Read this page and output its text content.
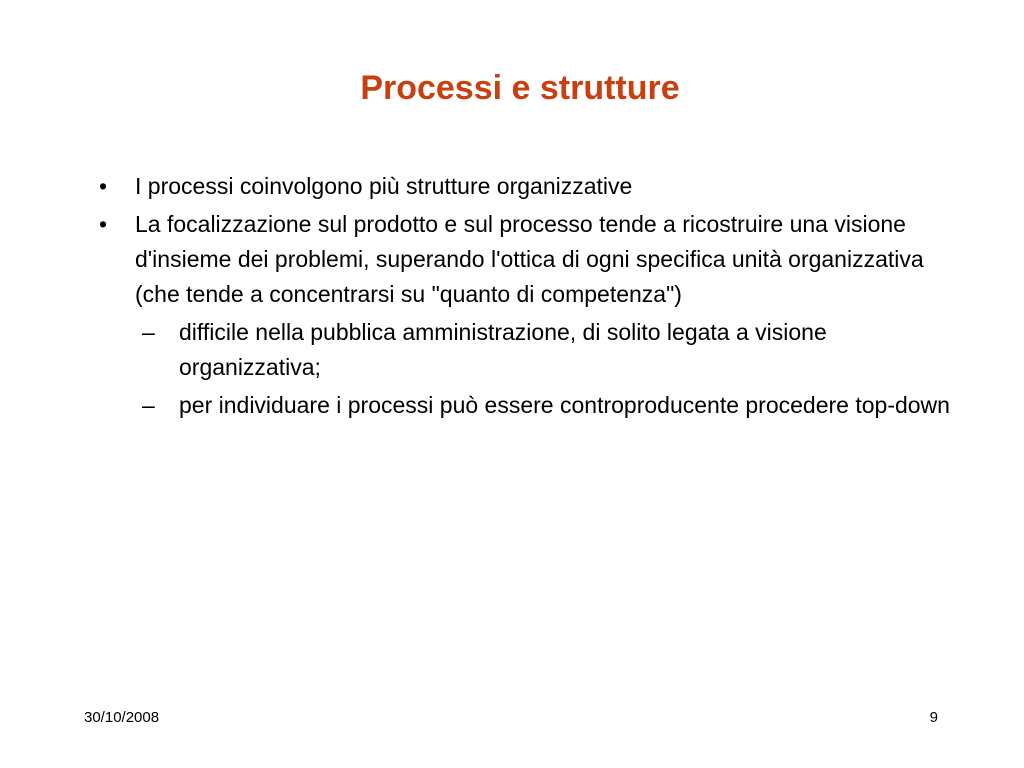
Processi e strutture
• I processi coinvolgono più strutture organizzative
• La focalizzazione sul prodotto e sul processo tende a ricostruire una visione d'insieme dei problemi, superando l'ottica di ogni specifica unità organizzativa (che tende a concentrarsi su "quanto di competenza")
– difficile nella pubblica amministrazione, di solito legata a visione organizzativa;
– per individuare i processi può essere controproducente procedere top-down

30/10/2008	9
